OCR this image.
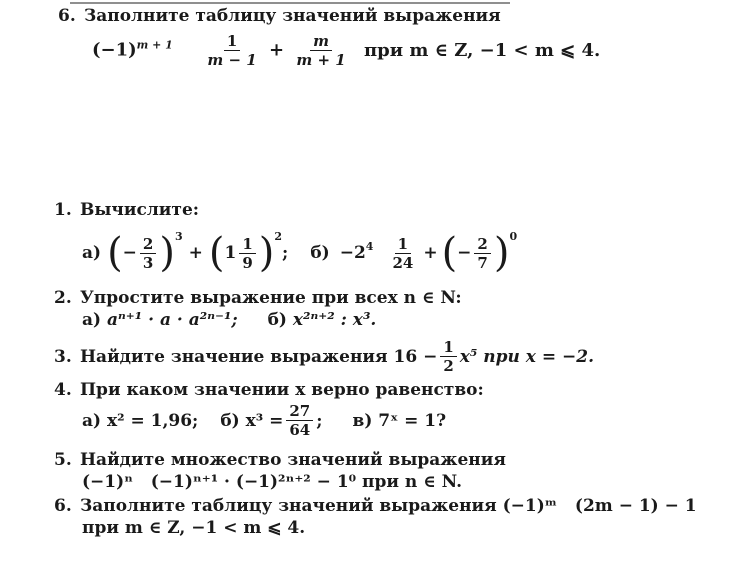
6. Заполните таблицу значений выражения
$(-1)^{m + 1} \frac{1}{m - 1} + \frac{m}{m + 1}$ при m ∈ Z, −1 < m ⩽ 4.
1. Вычислите:
а) ( − $\frac{2}{3} )^3$
+ ( $1 \frac{1}{9} )^2$
; $б) -2^4 \frac{1}{24}$ + ( − $\frac{2}{7} )^0$
2. Упростите выражение при всех n ∈ N:
а) aⁿ⁺¹ · a · a²ⁿ⁻¹; б) x²ⁿ⁺² : x³.
3. Найдите значение выражения $16 - \frac{1}{2} x^5$ при x = −2.
4. При каком значении x верно равенство:
а) x² = 1,96; б) $x^3 = \frac{27}{64}$ ; в) 7ˣ = 1?
5. Найдите множество значений выражения
(−1)ⁿ   (−1)ⁿ⁺¹ · (−1)²ⁿ⁺² − 1⁰ при n ∈ N.
6. Заполните таблицу значений выражения (−1)ᵐ   (2m − 1) − 1
при m ∈ Z, −1 < m ⩽ 4.
